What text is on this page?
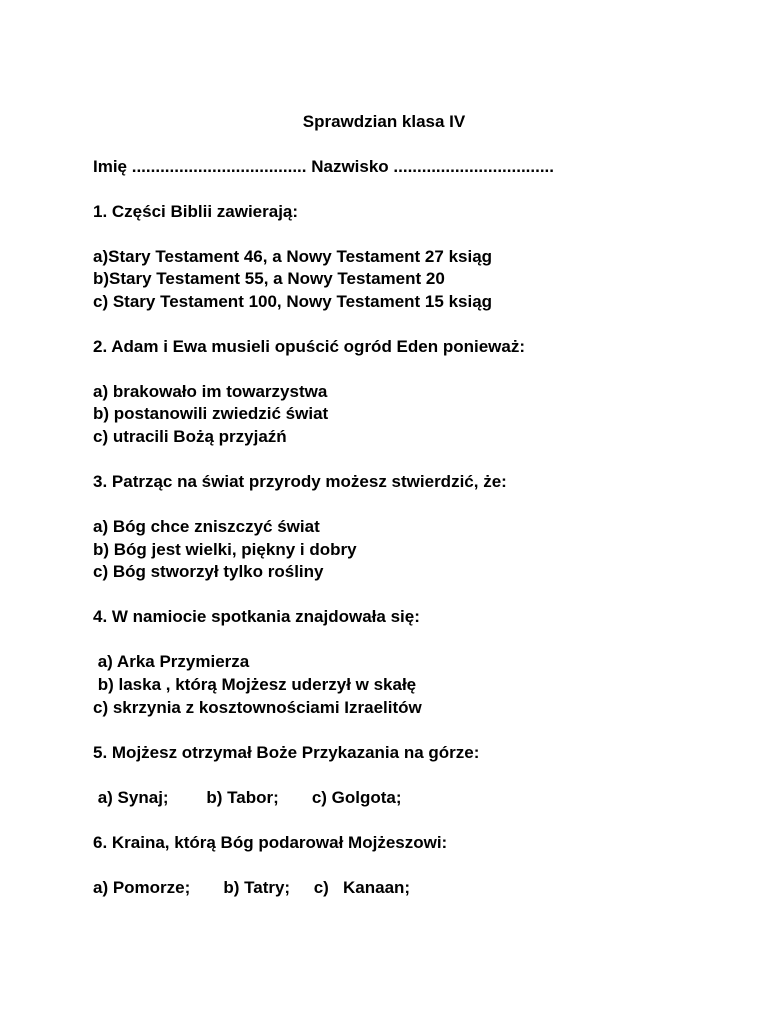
Sprawdzian klasa IV
Imię ..................................... Nazwisko ..................................
1. Części Biblii zawierają:
a)Stary Testament 46, a Nowy Testament 27 ksiąg
b)Stary Testament 55, a Nowy Testament 20
c) Stary Testament 100, Nowy Testament 15 ksiąg
2. Adam i Ewa musieli opuścić ogród Eden ponieważ:
a) brakowało im towarzystwa
b) postanowili zwiedzić świat
c) utracili Bożą przyjaźń
3. Patrząc na świat przyrody możesz stwierdzić, że:
a) Bóg chce zniszczyć świat
b) Bóg jest wielki, piękny i dobry
c) Bóg stworzył tylko rośliny
4. W namiocie spotkania znajdowała się:
a) Arka Przymierza
b) laska , którą Mojżesz uderzył w skałę
c) skrzynia z kosztownościami Izraelitów
5. Mojżesz otrzymał Boże Przykazania na górze:
a) Synaj;        b) Tabor;       c) Golgota;
6. Kraina, którą Bóg podarował Mojżeszowi:
a) Pomorze;       b) Tatry;     c)   Kanaan;
